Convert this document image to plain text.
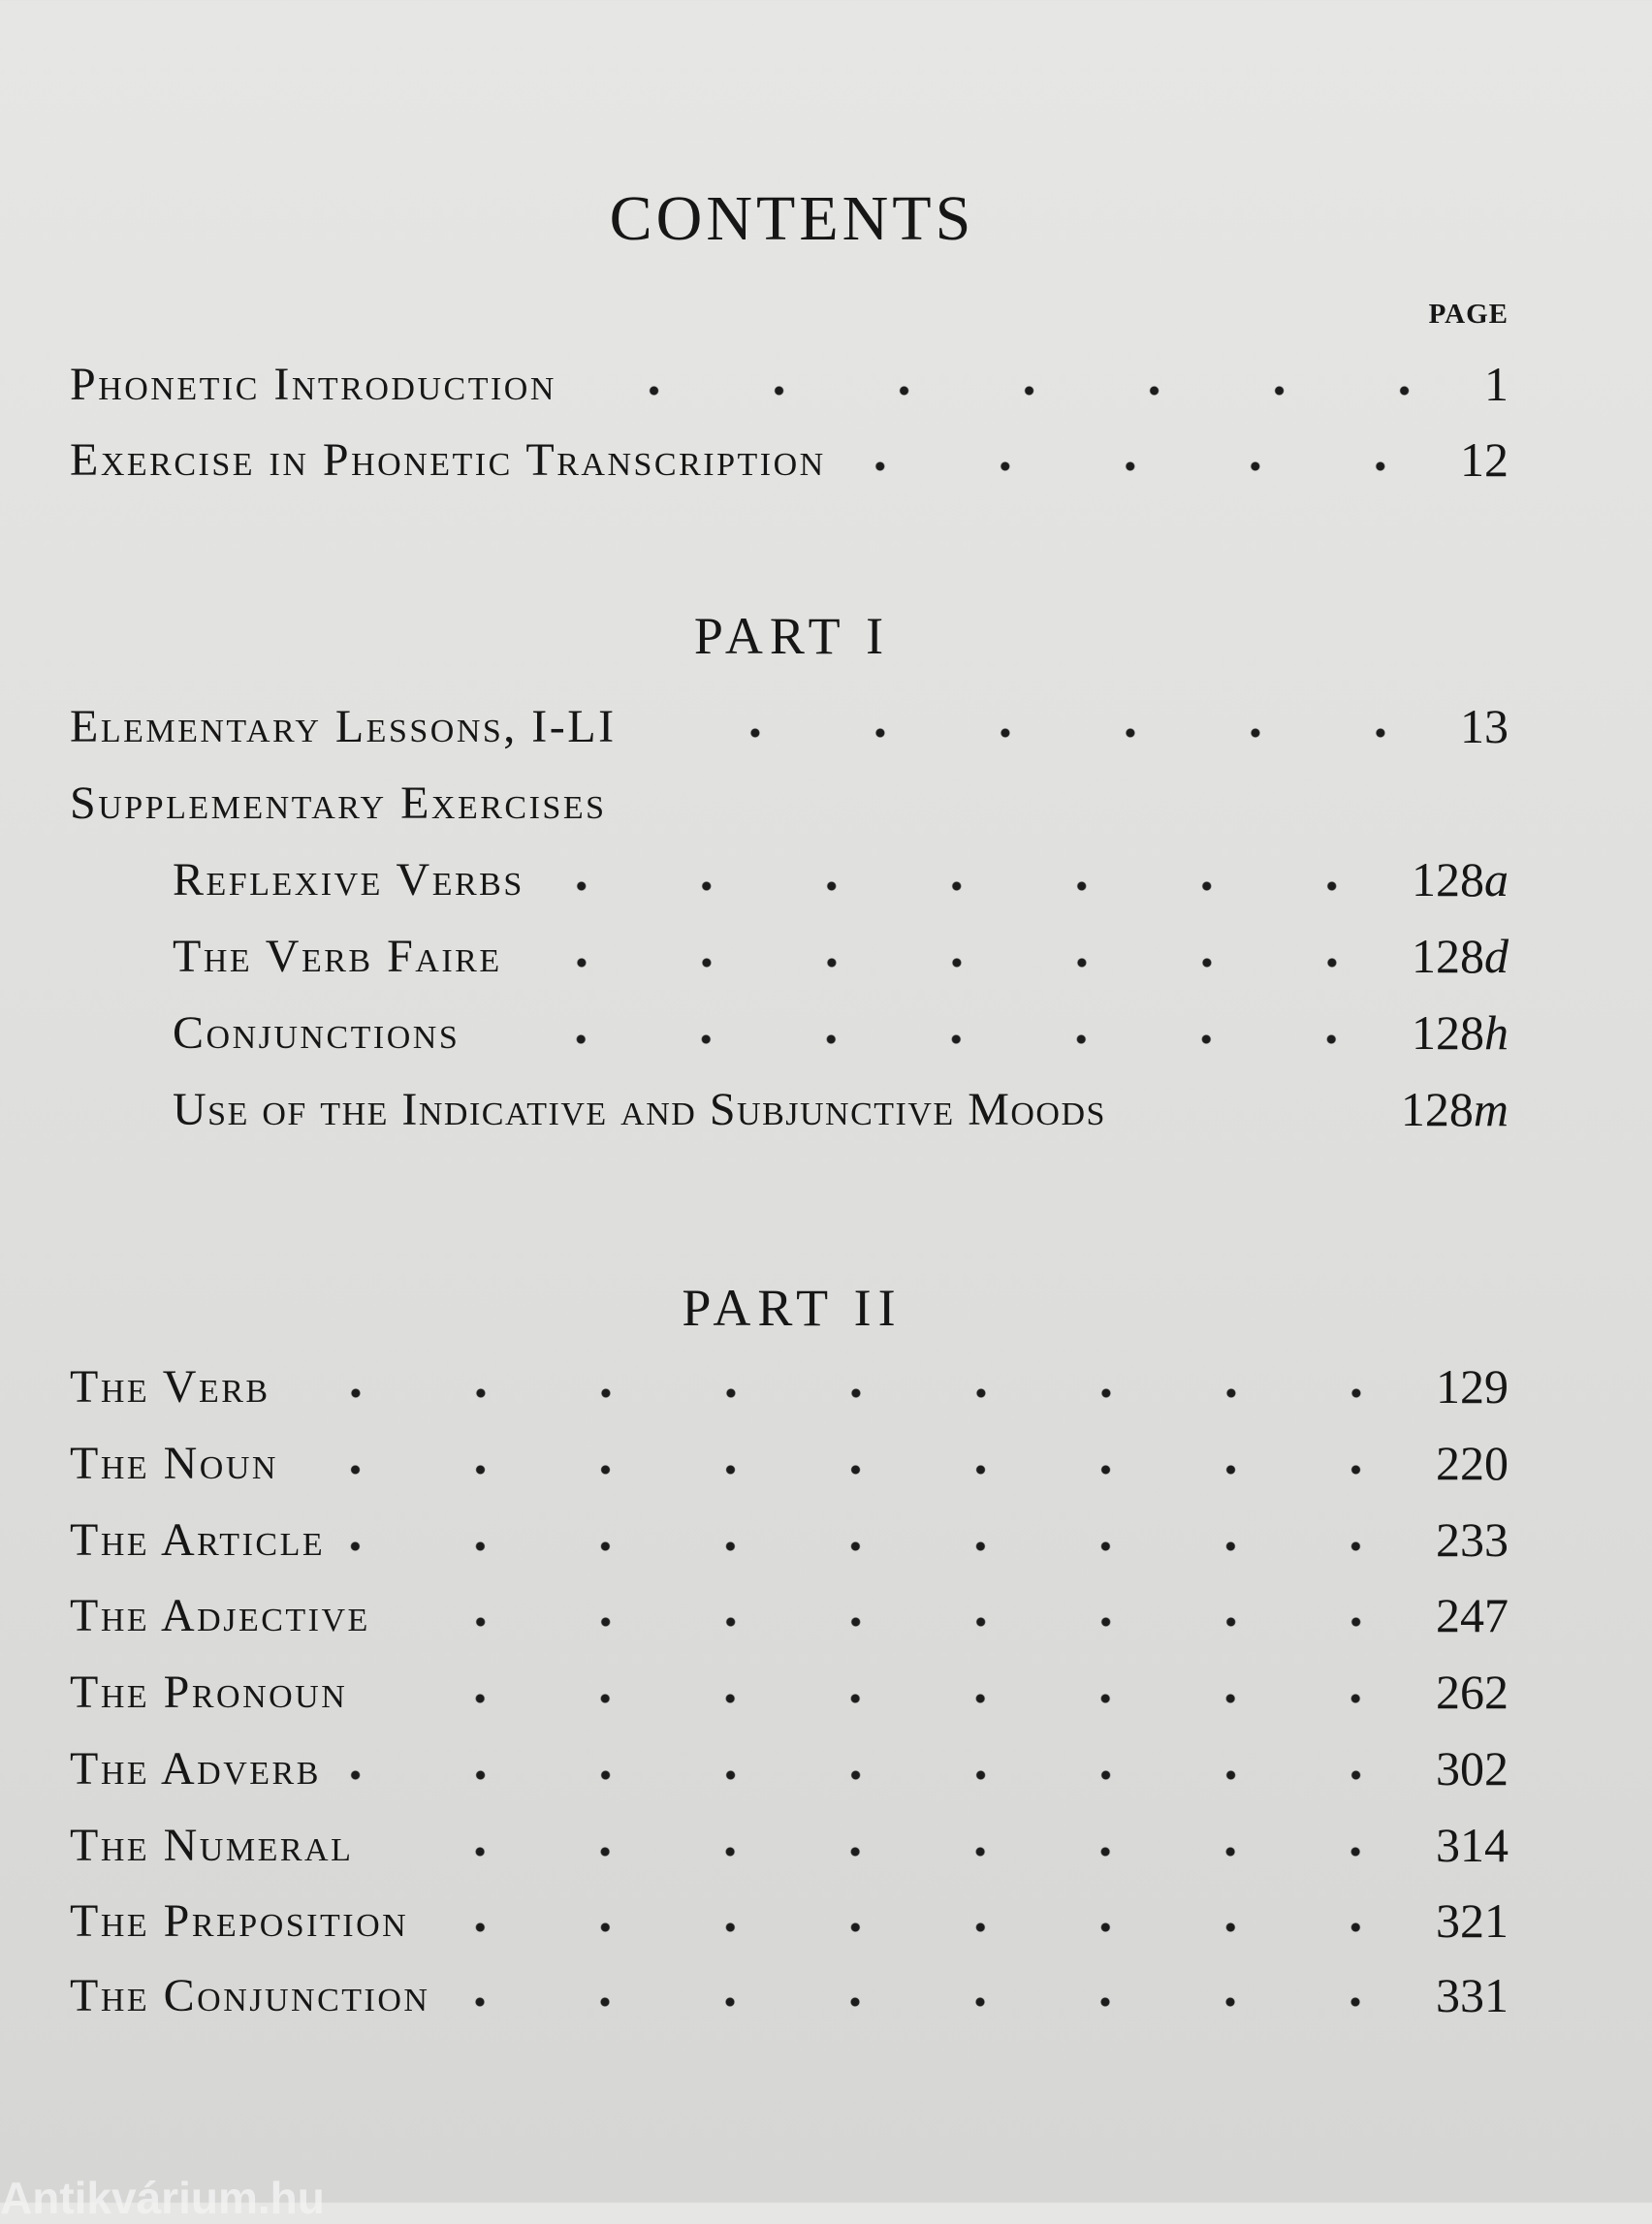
CONTENTS
PAGE
Phonetic Introduction	1
Exercise in Phonetic Transcription	12
PART I
Elementary Lessons, I-LI	13
Supplementary Exercises
Reflexive Verbs	128a
The Verb Faire	128d
Conjunctions	128h
Use of the Indicative and Subjunctive Moods	128m
PART II
The Verb	129
The Noun	220
The Article	233
The Adjective	247
The Pronoun	262
The Adverb	302
The Numeral	314
The Preposition	321
The Conjunction	331
Antikvárium.hu
